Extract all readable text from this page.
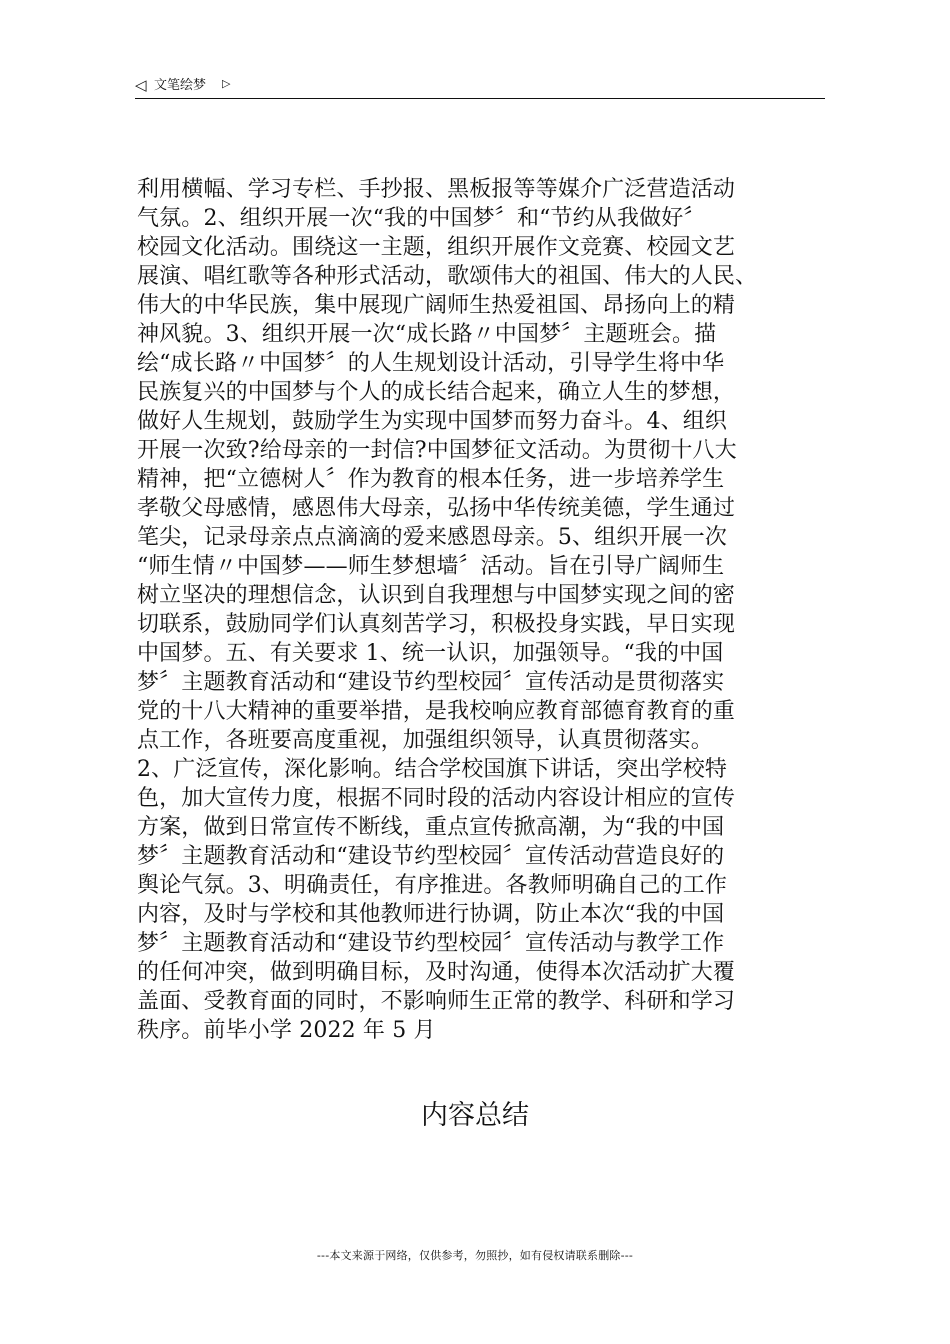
◁ 文笔绘梦 ▷
利用横幅、学习专栏、手抄报、黑板报等等媒介广泛营造活动
气氛。2、组织开展一次“我的中国梦〞和“节约从我做好〞
校园文化活动。围绕这一主题，组织开展作文竞赛、校园文艺
展演、唱红歌等各种形式活动，歌颂伟大的祖国、伟大的人民、
伟大的中华民族，集中展现广阔师生热爱祖国、昂扬向上的精
神风貌。3、组织开展一次“成长路〃中国梦〞主题班会。描
绘“成长路〃中国梦〞的人生规划设计活动，引导学生将中华
民族复兴的中国梦与个人的成长结合起来，确立人生的梦想，
做好人生规划，鼓励学生为实现中国梦而努力奋斗。4、组织
开展一次致?给母亲的一封信?中国梦征文活动。为贯彻十八大
精神，把“立德树人〞作为教育的根本任务，进一步培养学生
孝敬父母感情，感恩伟大母亲，弘扬中华传统美德，学生通过
笔尖，记录母亲点点滴滴的爱来感恩母亲。5、组织开展一次
“师生情〃中国梦——师生梦想墙〞活动。旨在引导广阔师生
树立坚决的理想信念，认识到自我理想与中国梦实现之间的密
切联系，鼓励同学们认真刻苦学习，积极投身实践，早日实现
中国梦。五、有关要求 1、统一认识，加强领导。“我的中国
梦〞主题教育活动和“建设节约型校园〞宣传活动是贯彻落实
党的十八大精神的重要举措，是我校响应教育部德育教育的重
点工作，各班要高度重视，加强组织领导，认真贯彻落实。
2、广泛宣传，深化影响。结合学校国旗下讲话，突出学校特
色，加大宣传力度，根据不同时段的活动内容设计相应的宣传
方案，做到日常宣传不断线，重点宣传掀高潮，为“我的中国
梦〞主题教育活动和“建设节约型校园〞宣传活动营造良好的
舆论气氛。3、明确责任，有序推进。各教师明确自己的工作
内容，及时与学校和其他教师进行协调，防止本次“我的中国
梦〞主题教育活动和“建设节约型校园〞宣传活动与教学工作
的任何冲突，做到明确目标，及时沟通，使得本次活动扩大覆
盖面、受教育面的同时，不影响师生正常的教学、科研和学习
秩序。前毕小学 2022 年 5 月
内容总结
---本文来源于网络，仅供参考，勿照抄，如有侵权请联系删除---
